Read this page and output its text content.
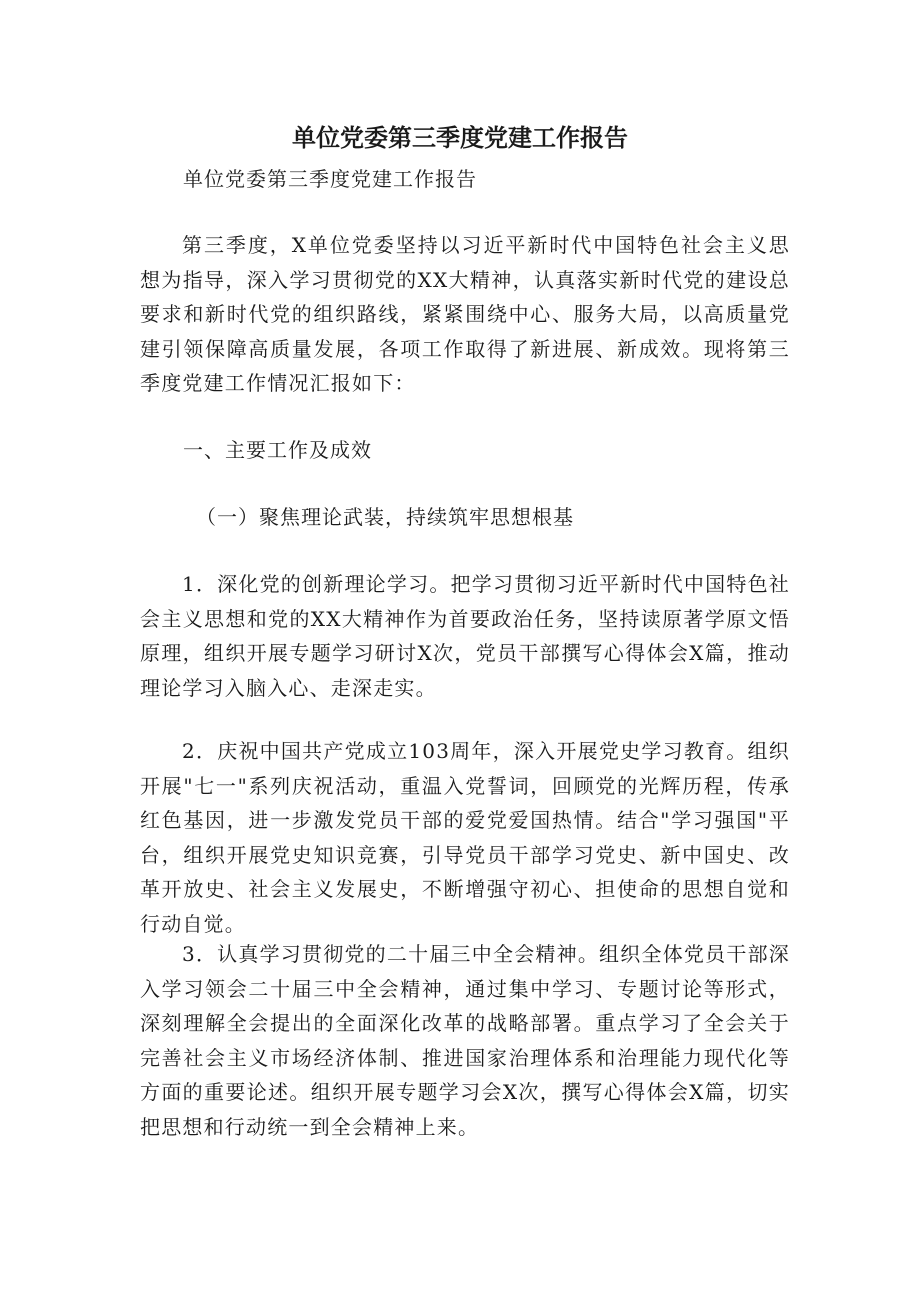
单位党委第三季度党建工作报告

单位党委第三季度党建工作报告

第三季度，X单位党委坚持以习近平新时代中国特色社会主义思想为指导，深入学习贯彻党的XX大精神，认真落实新时代党的建设总要求和新时代党的组织路线，紧紧围绕中心、服务大局，以高质量党建引领保障高质量发展，各项工作取得了新进展、新成效。现将第三季度党建工作情况汇报如下：

一、主要工作及成效

（一）聚焦理论武装，持续筑牢思想根基

1．深化党的创新理论学习。把学习贯彻习近平新时代中国特色社会主义思想和党的XX大精神作为首要政治任务，坚持读原著学原文悟原理，组织开展专题学习研讨X次，党员干部撰写心得体会X篇，推动理论学习入脑入心、走深走实。

2．庆祝中国共产党成立103周年，深入开展党史学习教育。组织开展"七一"系列庆祝活动，重温入党誓词，回顾党的光辉历程，传承红色基因，进一步激发党员干部的爱党爱国热情。结合"学习强国"平台，组织开展党史知识竞赛，引导党员干部学习党史、新中国史、改革开放史、社会主义发展史，不断增强守初心、担使命的思想自觉和行动自觉。

3．认真学习贯彻党的二十届三中全会精神。组织全体党员干部深入学习领会二十届三中全会精神，通过集中学习、专题讨论等形式，深刻理解全会提出的全面深化改革的战略部署。重点学习了全会关于完善社会主义市场经济体制、推进国家治理体系和治理能力现代化等方面的重要论述。组织开展专题学习会X次，撰写心得体会X篇，切实把思想和行动统一到全会精神上来。
